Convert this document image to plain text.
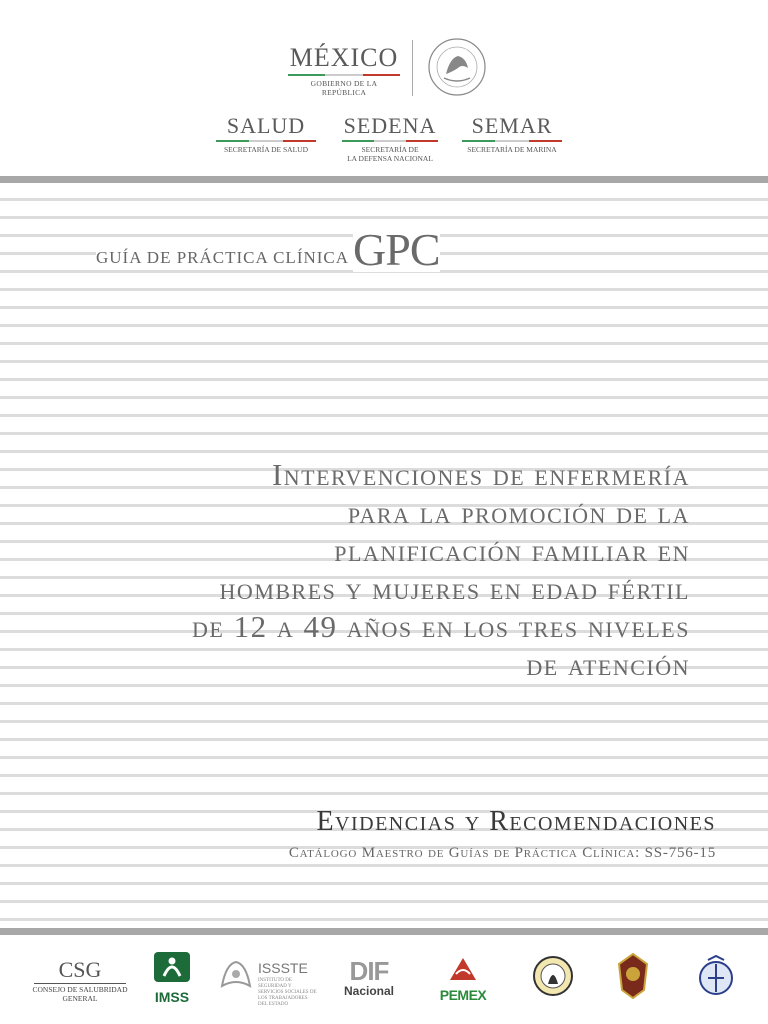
MÉXICO
GOBIERNO DE LA REPÚBLICA
SALUD
SECRETARÍA DE SALUD
SEDENA
SECRETARÍA DE
LA DEFENSA NACIONAL
SEMAR
SECRETARÍA DE MARINA
GUÍA DE PRÁCTICA CLÍNICA GPC
Intervenciones de enfermería
para la promoción de la
planificación familiar en
hombres y mujeres en edad fértil
de 12 a 49 años en los tres niveles
de atención
Evidencias y Recomendaciones
Catálogo Maestro de Guías de Práctica Clínica: SS-756-15
CSG
CONSEJO DE SALUBRIDAD
GENERAL	IMSS
ISSSTE
INSTITUTO DE SEGURIDAD Y SERVICIOS SOCIALES DE LOS TRABAJADORES DEL ESTADO
DIF
Nacional	PEMEX
